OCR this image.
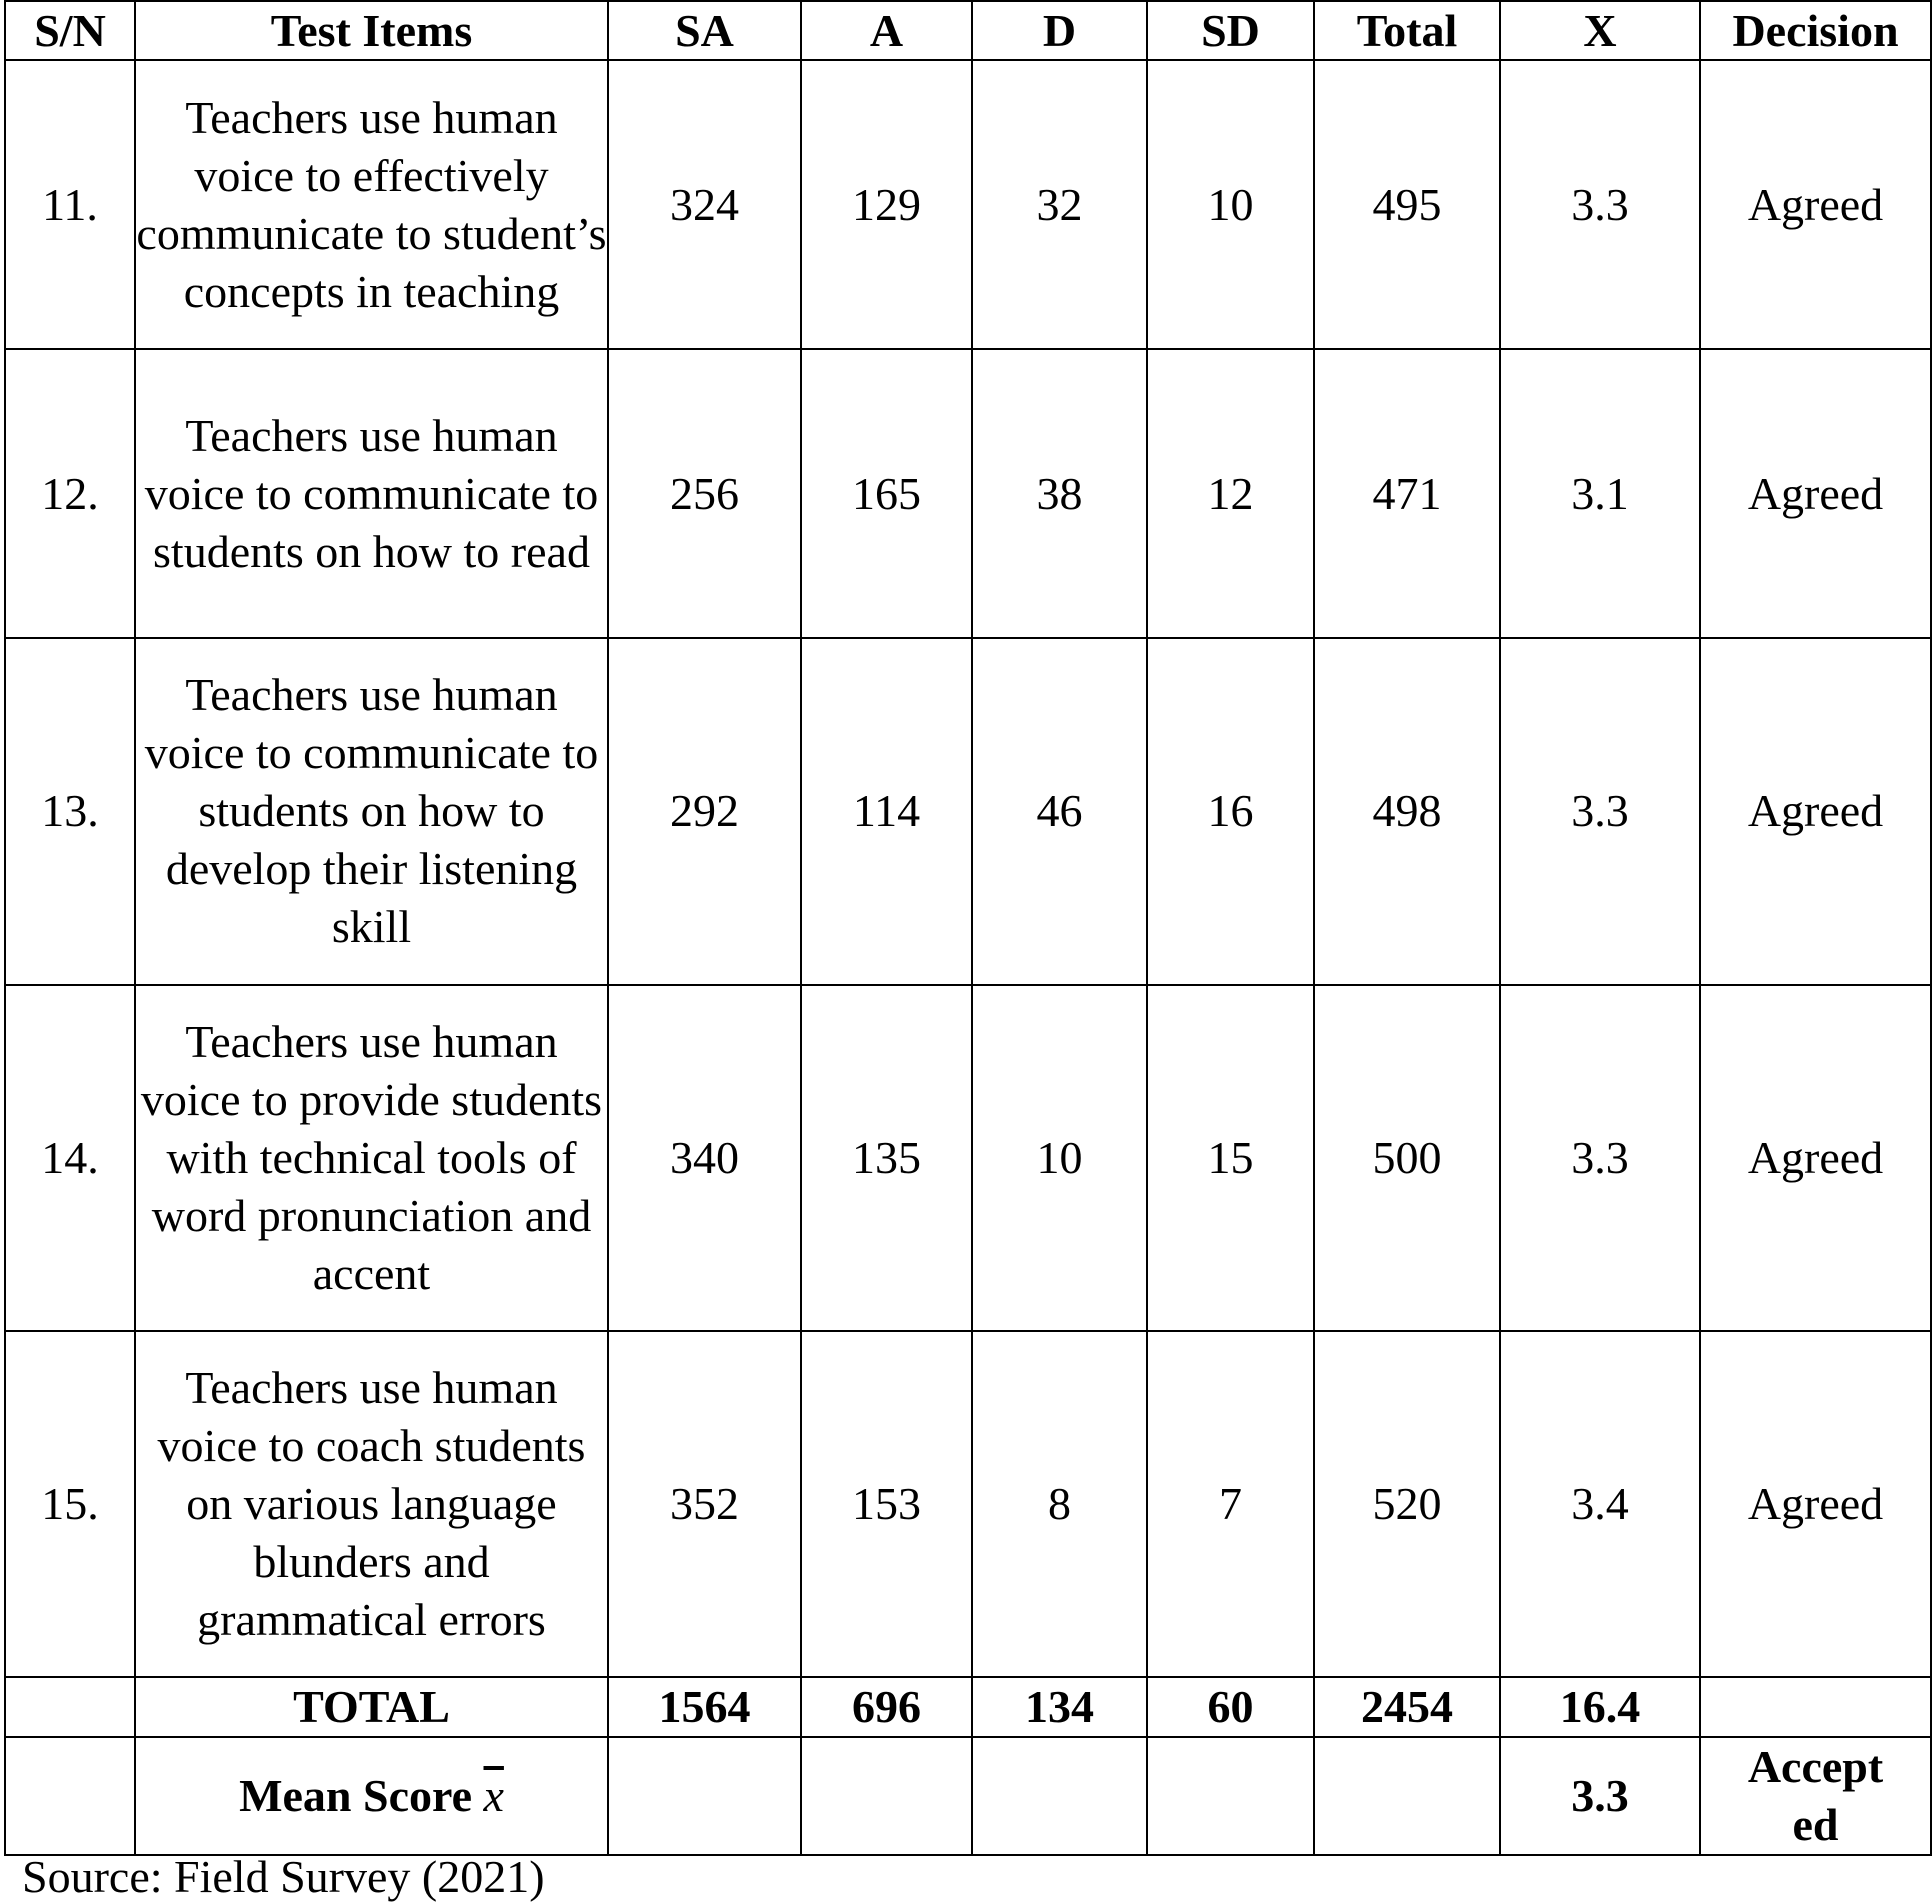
S/N	Test Items	SA	A	D	SD	Total	X	Decision
11.	Teachers use human voice to effectively communicate to student’s concepts in teaching	324	129	32	10	495	3.3	Agreed
12.	Teachers use human voice to communicate to students on how to read	256	165	38	12	471	3.1	Agreed
13.	Teachers use human voice to communicate to students on how to develop their listening skill	292	114	46	16	498	3.3	Agreed
14.	Teachers use human voice to provide students with technical tools of word pronunciation and accent	340	135	10	15	500	3.3	Agreed
15.	Teachers use human voice to coach students on various language blunders and grammatical errors	352	153	8	7	520	3.4	Agreed
	TOTAL	1564	696	134	60	2454	16.4	
	Mean Score $\overline{x}$						3.3	Accepted
Source: Field Survey (2021)
